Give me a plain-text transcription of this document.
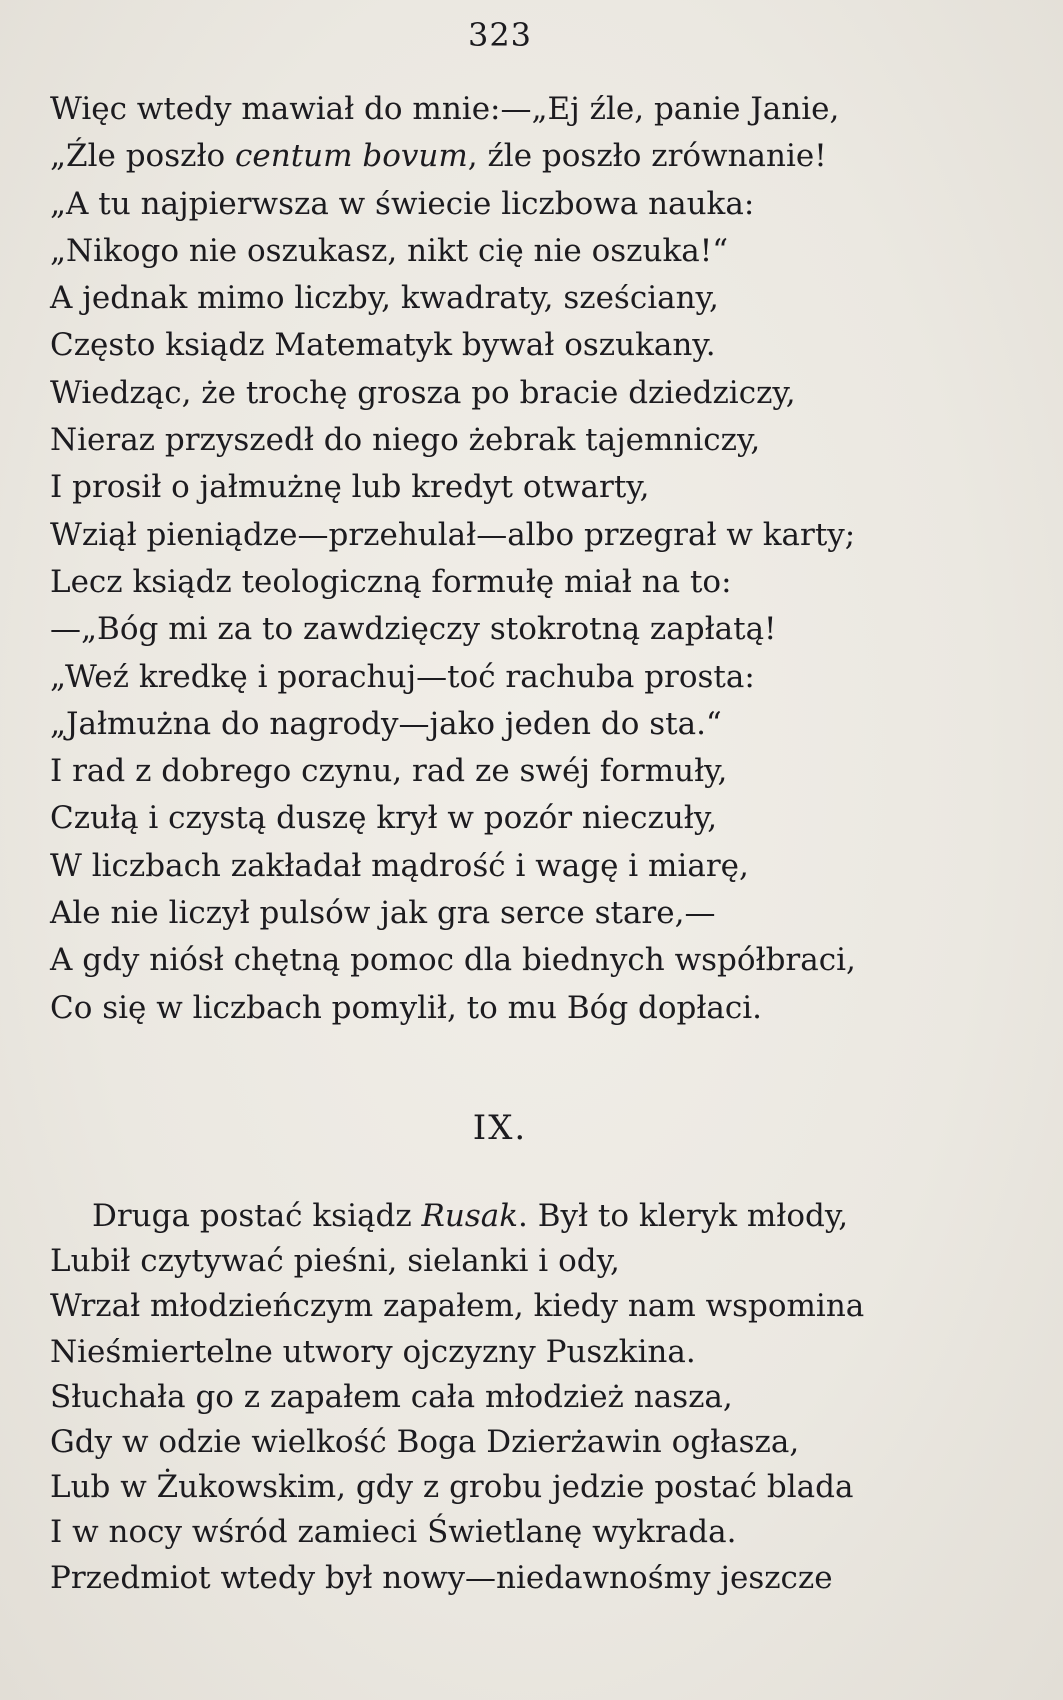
323
Więc wtedy mawiał do mnie:—„Ej źle, panie Janie,
„Źle poszło centum bovum, źle poszło zrównanie!
„A tu najpierwsza w świecie liczbowa nauka:
„Nikogo nie oszukasz, nikt cię nie oszuka!“
A jednak mimo liczby, kwadraty, sześciany,
Często ksiądz Matematyk bywał oszukany.
Wiedząc, że trochę grosza po bracie dziedziczy,
Nieraz przyszedł do niego żebrak tajemniczy,
I prosił o jałmużnę lub kredyt otwarty,
Wziął pieniądze—przehulał—albo przegrał w karty;
Lecz ksiądz teologiczną formułę miał na to:
—„Bóg mi za to zawdzięczy stokrotną zapłatą!
„Weź kredkę i porachuj—toć rachuba prosta:
„Jałmużna do nagrody—jako jeden do sta.“
I rad z dobrego czynu, rad ze swéj formuły,
Czułą i czystą duszę krył w pozór nieczuły,
W liczbach zakładał mądrość i wagę i miarę,
Ale nie liczył pulsów jak gra serce stare,—
A gdy niósł chętną pomoc dla biednych współbraci,
Co się w liczbach pomylił, to mu Bóg dopłaci.
IX.
Druga postać ksiądz Rusak. Był to kleryk młody,
Lubił czytywać pieśni, sielanki i ody,
Wrzał młodzieńczym zapałem, kiedy nam wspomina
Nieśmiertelne utwory ojczyzny Puszkina.
Słuchała go z zapałem cała młodzież nasza,
Gdy w odzie wielkość Boga Dzierżawin ogłasza,
Lub w Żukowskim, gdy z grobu jedzie postać blada
I w nocy wśród zamieci Świetlanę wykrada.
Przedmiot wtedy był nowy—niedawnośmy jeszcze
